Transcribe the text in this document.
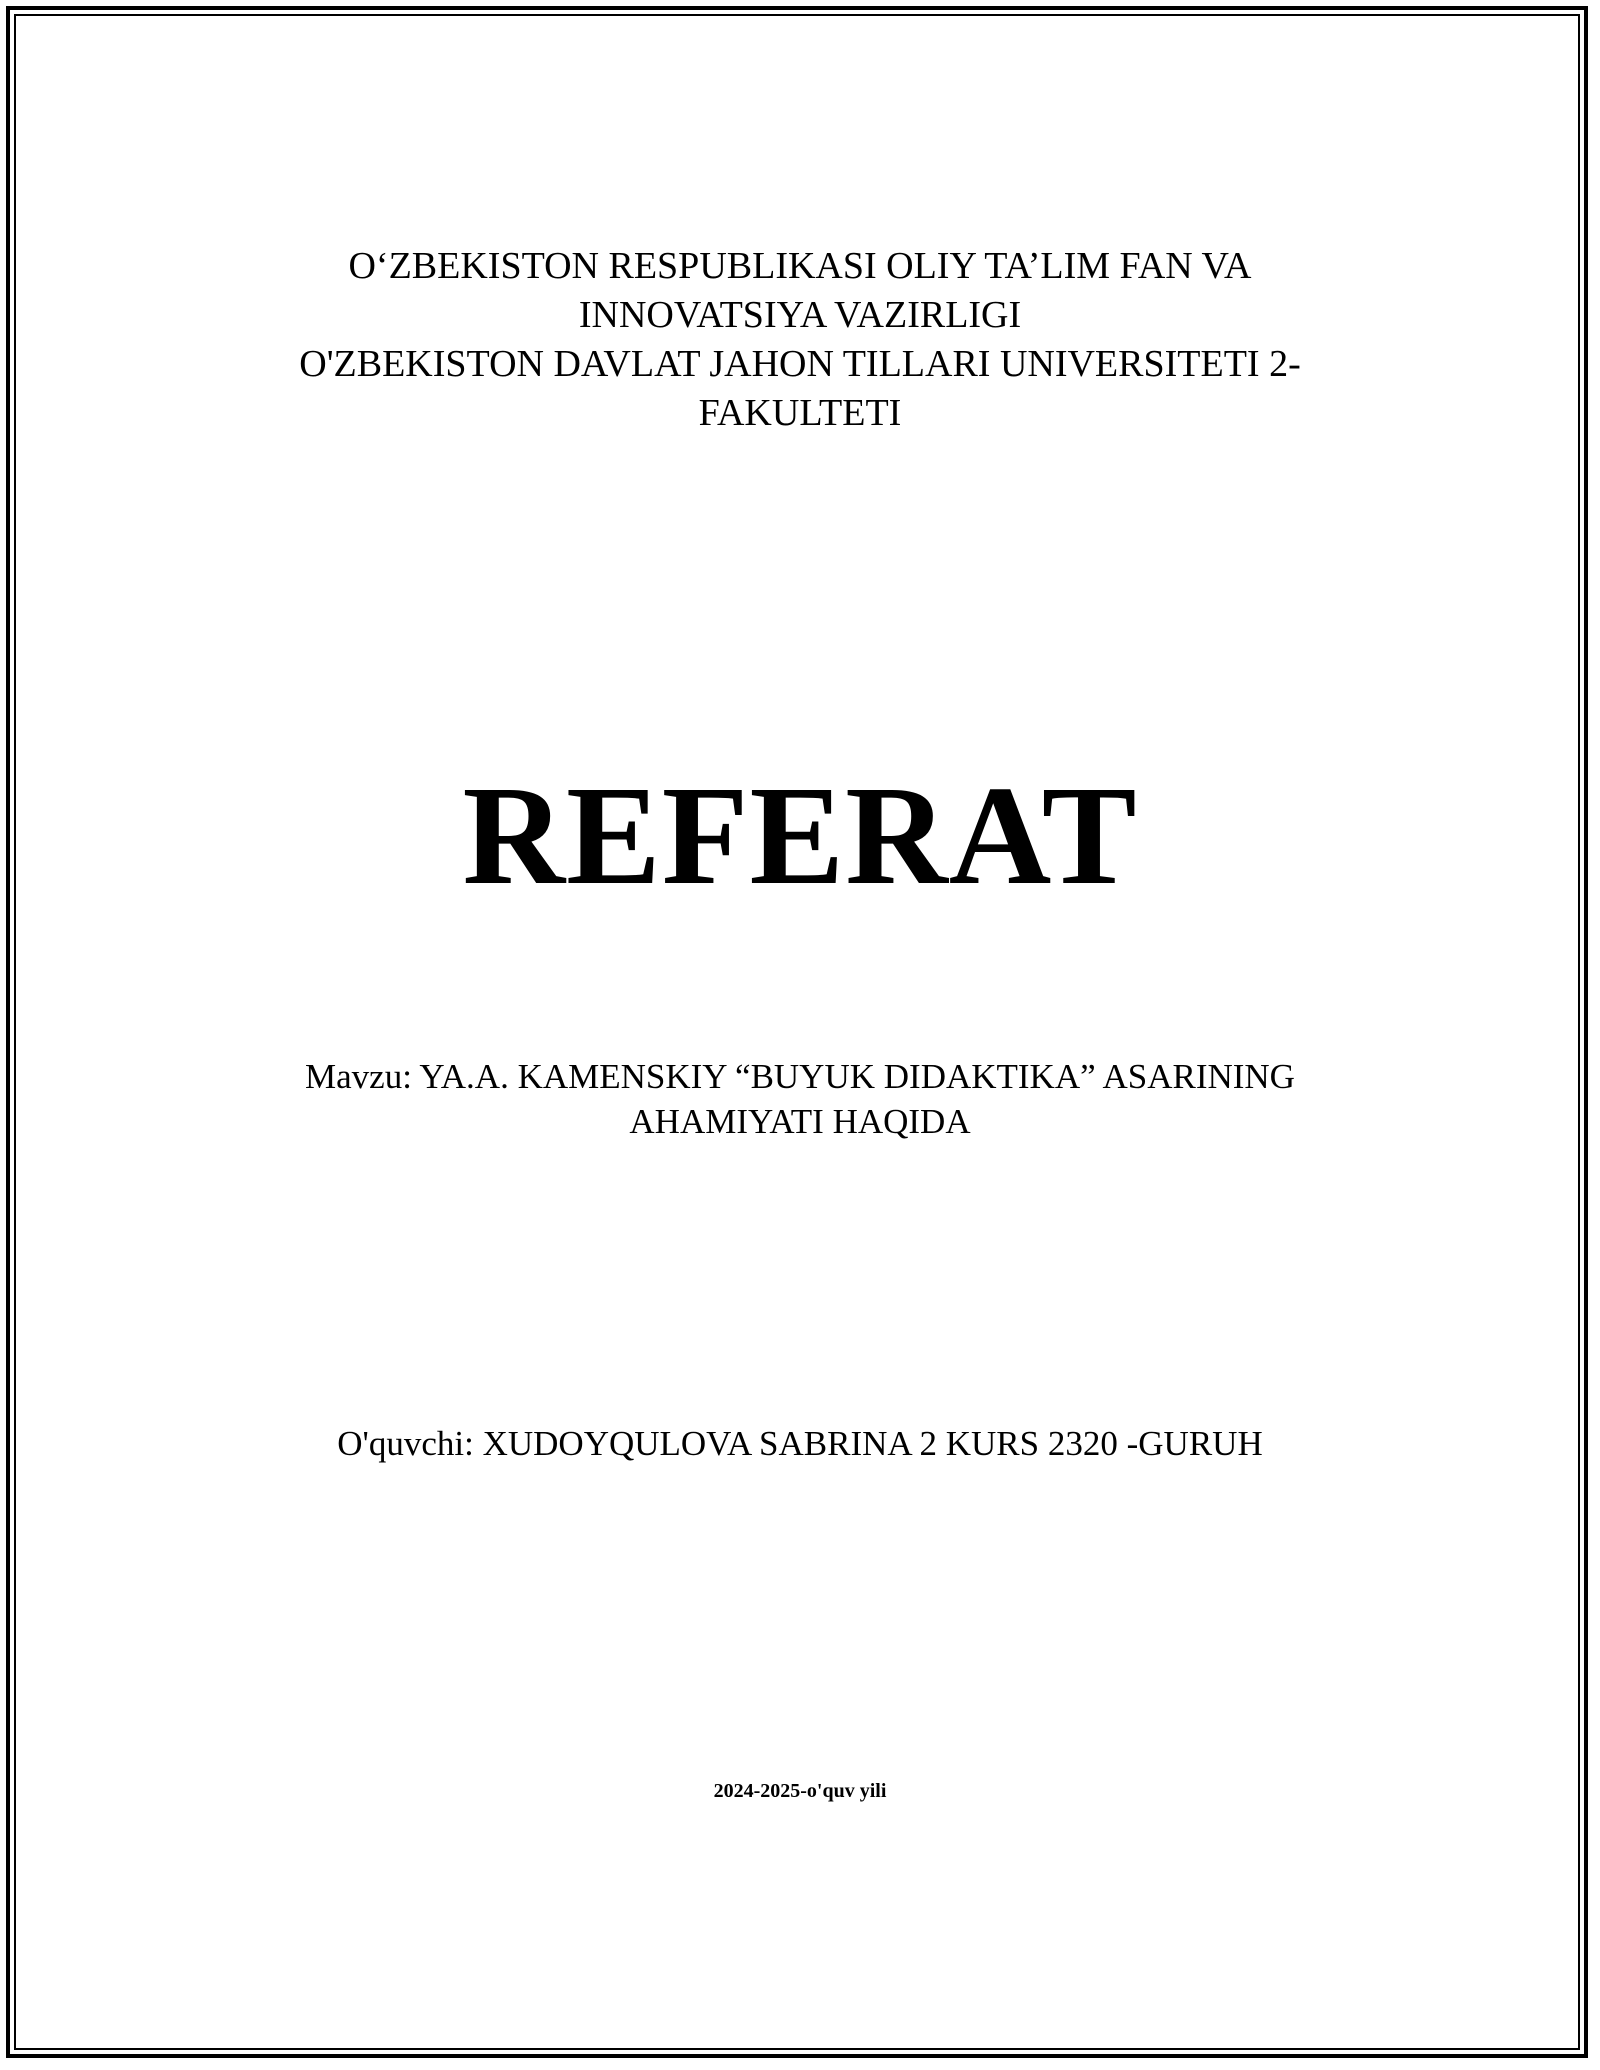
O‘ZBEKISTON RESPUBLIKASI OLIY TA’LIM FAN VA
INNOVATSIYA VAZIRLIGI
O'ZBEKISTON DAVLAT JAHON TILLARI UNIVERSITETI 2-
FAKULTETI
REFERAT
Mavzu: YA.A. KAMENSKIY “BUYUK DIDAKTIKA” ASARINING
AHAMIYATI HAQIDA
O'quvchi: XUDOYQULOVA SABRINA 2 KURS 2320 -GURUH
2024-2025-o'quv yili
